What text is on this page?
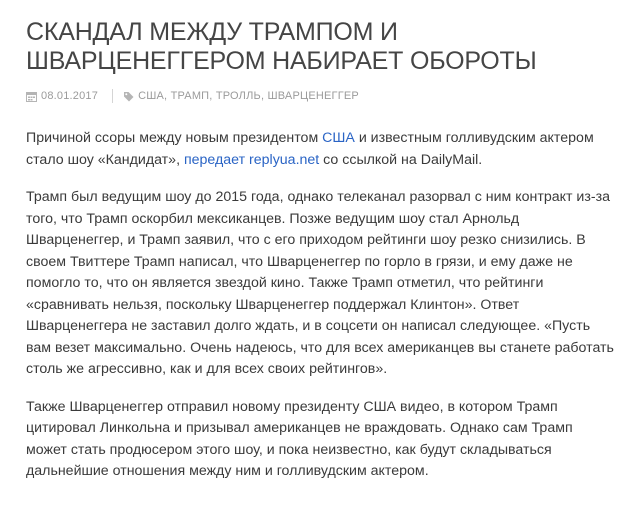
СКАНДАЛ МЕЖДУ ТРАМПОМ И ШВАРЦЕНЕГГЕРОМ НАБИРАЕТ ОБОРОТЫ
08.01.2017	США, ТРАМП, ТРОЛЛЬ, ШВАРЦЕНЕГГЕР

Причиной ссоры между новым президентом США и известным голливудским актером стало шоу «Кандидат», передает replyua.net со ссылкой на DailyMail.

Трамп был ведущим шоу до 2015 года, однако телеканал разорвал с ним контракт из-за того, что Трамп оскорбил мексиканцев. Позже ведущим шоу стал Арнольд Шварценеггер, и Трамп заявил, что с его приходом рейтинги шоу резко снизились. В своем Твиттере Трамп написал, что Шварценеггер по горло в грязи, и ему даже не помогло то, что он является звездой кино. Также Трамп отметил, что рейтинги «сравнивать нельзя, поскольку Шварценеггер поддержал Клинтон». Ответ Шварценеггера не заставил долго ждать, и в соцсети он написал следующее. «Пусть вам везет максимально. Очень надеюсь, что для всех американцев вы станете работать столь же агрессивно, как и для всех своих рейтингов».

Также Шварценеггер отправил новому президенту США видео, в котором Трамп цитировал Линкольна и призывал американцев не враждовать. Однако сам Трамп может стать продюсером этого шоу, и пока неизвестно, как будут складываться дальнейшие отношения между ним и голливудским актером.
